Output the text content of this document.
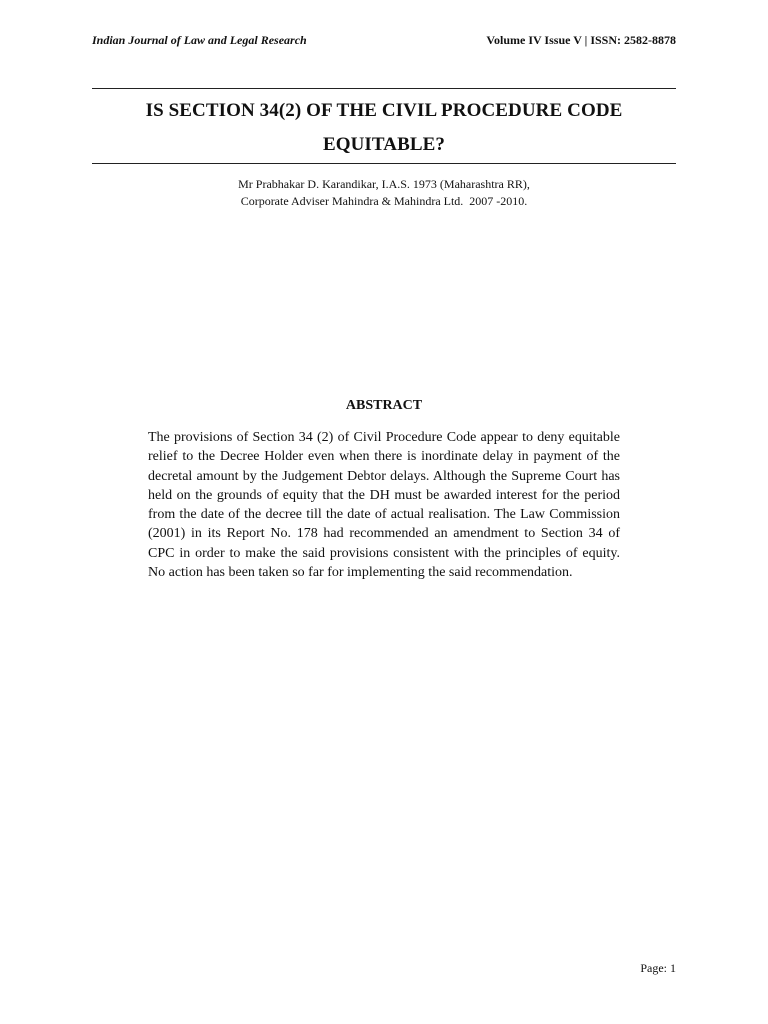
Indian Journal of Law and Legal Research	Volume IV Issue V | ISSN: 2582-8878
IS SECTION 34(2) OF THE CIVIL PROCEDURE CODE
EQUITABLE?
Mr Prabhakar D. Karandikar, I.A.S. 1973 (Maharashtra RR),
Corporate Adviser Mahindra & Mahindra Ltd.  2007 -2010.
ABSTRACT
The provisions of Section 34 (2) of Civil Procedure Code appear to deny equitable relief to the Decree Holder even when there is inordinate delay in payment of the decretal amount by the Judgement Debtor delays. Although the Supreme Court has held on the grounds of equity that the DH must be awarded interest for the period from the date of the decree till the date of actual realisation. The Law Commission (2001) in its Report No. 178 had recommended an amendment to Section 34 of CPC in order to make the said provisions consistent with the principles of equity. No action has been taken so far for implementing the said recommendation.
Page: 1
